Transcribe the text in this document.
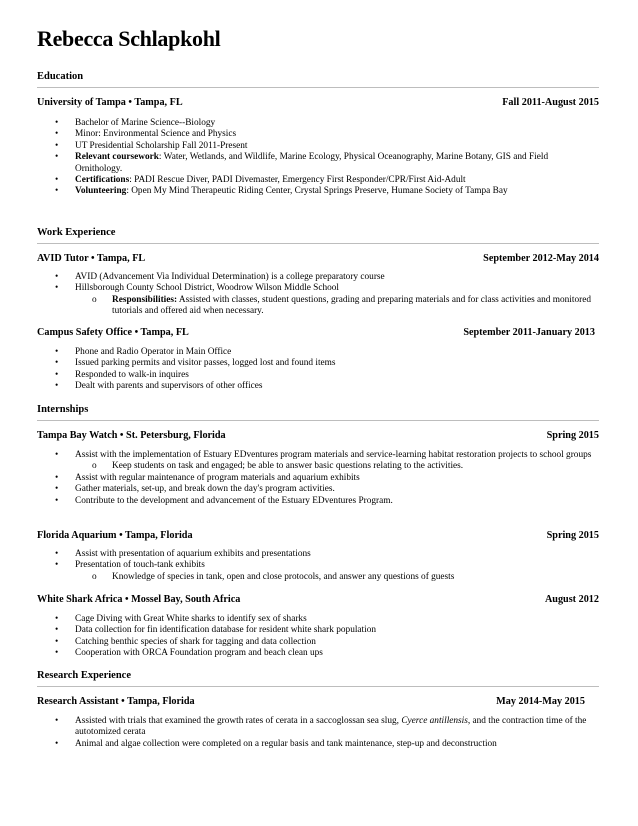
Rebecca Schlapkohl
Education
University of Tampa • Tampa, FL	Fall 2011-August 2015
• Bachelor of Marine Science--Biology
• Minor: Environmental Science and Physics
• UT Presidential Scholarship Fall 2011-Present
• Relevant coursework: Water, Wetlands, and Wildlife, Marine Ecology, Physical Oceanography, Marine Botany, GIS and Field Ornithology.
• Certifications: PADI Rescue Diver, PADI Divemaster, Emergency First Responder/CPR/First Aid-Adult
• Volunteering: Open My Mind Therapeutic Riding Center, Crystal Springs Preserve, Humane Society of Tampa Bay
Work Experience
AVID Tutor • Tampa, FL	September 2012-May 2014
• AVID (Advancement Via Individual Determination) is a college preparatory course
• Hillsborough County School District, Woodrow Wilson Middle School
o Responsibilities: Assisted with classes, student questions, grading and preparing materials and for class activities and monitored tutorials and offered aid when necessary.
Campus Safety Office • Tampa, FL	September 2011-January 2013
• Phone and Radio Operator in Main Office
• Issued parking permits and visitor passes, logged lost and found items
• Responded to walk-in inquires
• Dealt with parents and supervisors of other offices
Internships
Tampa Bay Watch • St. Petersburg, Florida	Spring 2015
• Assist with the implementation of Estuary EDventures program materials and service-learning habitat restoration projects to school groups
o Keep students on task and engaged; be able to answer basic questions relating to the activities.
• Assist with regular maintenance of program materials and aquarium exhibits
• Gather materials, set-up, and break down the day's program activities.
• Contribute to the development and advancement of the Estuary EDventures Program.
Florida Aquarium • Tampa, Florida	Spring 2015
• Assist with presentation of aquarium exhibits and presentations
• Presentation of touch-tank exhibits
o Knowledge of species in tank, open and close protocols, and answer any questions of guests
White Shark Africa • Mossel Bay, South Africa	August 2012
• Cage Diving with Great White sharks to identify sex of sharks
• Data collection for fin identification database for resident white shark population
• Catching benthic species of shark for tagging and data collection
• Cooperation with ORCA Foundation program and beach clean ups
Research Experience
Research Assistant • Tampa, Florida	May 2014-May 2015
• Assisted with trials that examined the growth rates of cerata in a saccoglossan sea slug, Cyerce antillensis, and the contraction time of the autotomized cerata
• Animal and algae collection were completed on a regular basis and tank maintenance, step-up and deconstruction
